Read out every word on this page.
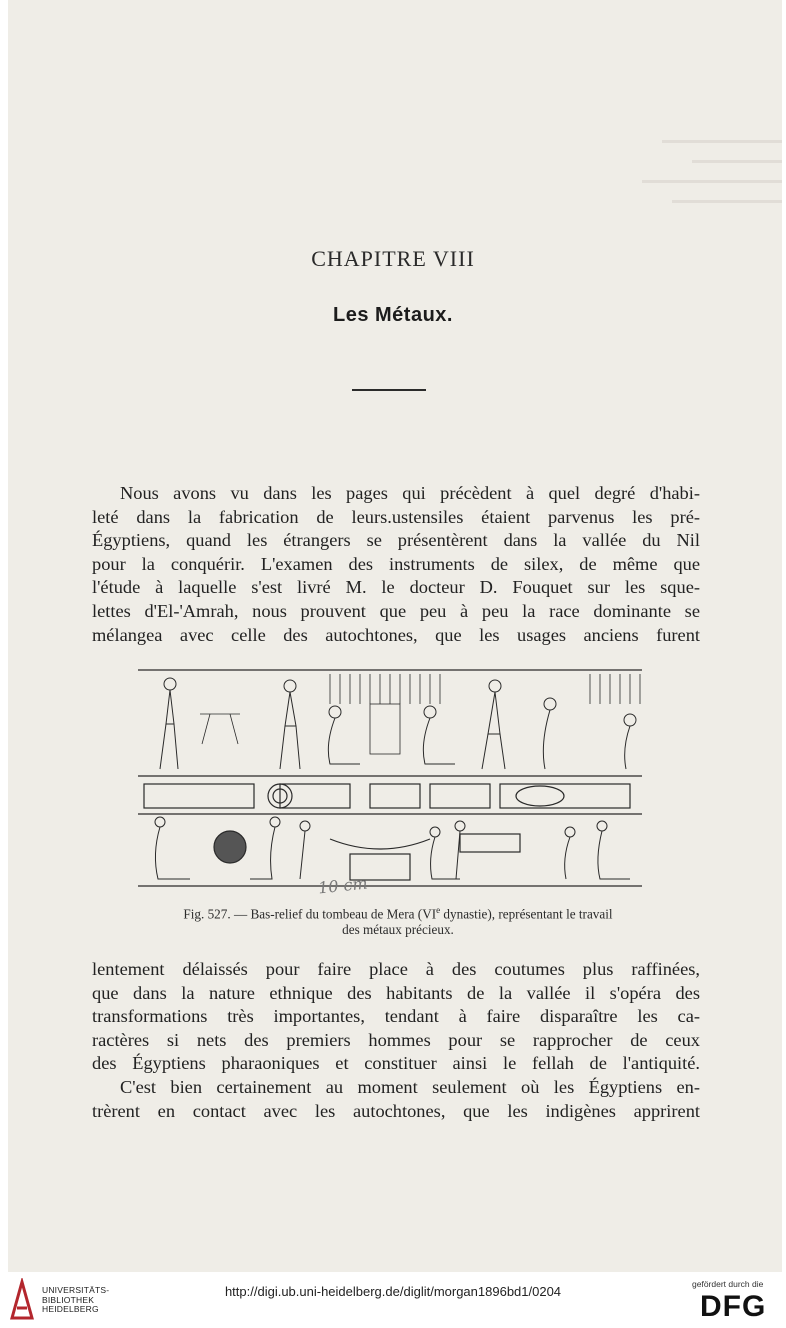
CHAPITRE VIII
Les Métaux.
Nous avons vu dans les pages qui précèdent à quel degré d'habi-
leté dans la fabrication de leurs.ustensiles étaient parvenus les pré-
Égyptiens, quand les étrangers se présentèrent dans la vallée du Nil
pour la conquérir. L'examen des instruments de silex, de même que
l'étude à laquelle s'est livré M. le docteur D. Fouquet sur les sque-
lettes d'El-'Amrah, nous prouvent que peu à peu la race dominante se
mélangea avec celle des autochtones, que les usages anciens furent
10 cm
Fig. 527. — Bas-relief du tombeau de Mera (VIe dynastie), représentant le travail
des métaux précieux.
lentement délaissés pour faire place à des coutumes plus raffinées,
que dans la nature ethnique des habitants de la vallée il s'opéra des
transformations très importantes, tendant à faire disparaître les ca-
ractères si nets des premiers hommes pour se rapprocher de ceux
des Égyptiens pharaoniques et constituer ainsi le fellah de l'antiquité.
C'est bien certainement au moment seulement où les Égyptiens en-
trèrent en contact avec les autochtones, que les indigènes apprirent
UNIVERSITÄTS-
BIBLIOTHEK
HEIDELBERG
http://digi.ub.uni-heidelberg.de/diglit/morgan1896bd1/0204	gefördert durch die
DFG
